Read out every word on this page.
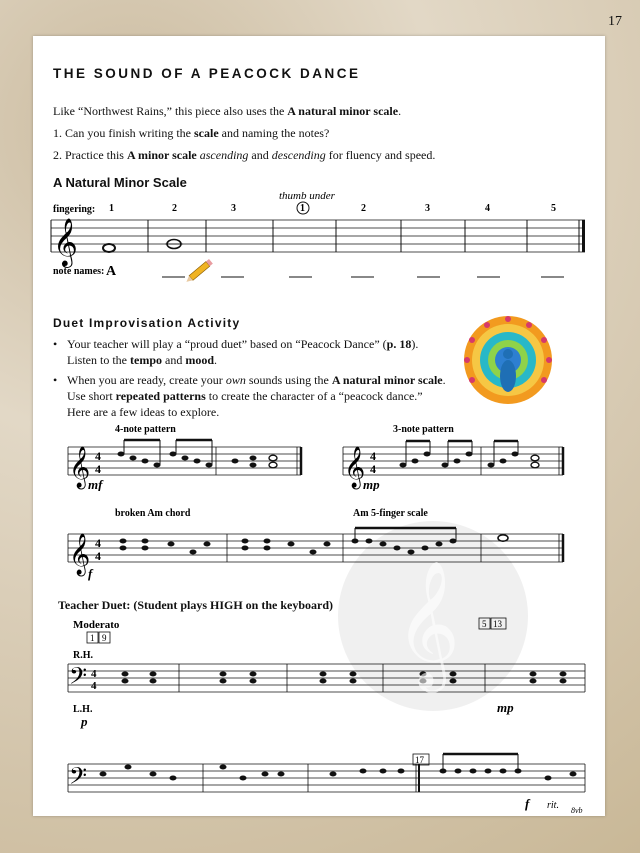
17
THE SOUND OF A PEACOCK DANCE
Like “Northwest Rains,” this piece also uses the A natural minor scale.
1. Can you finish writing the scale and naming the notes?
2. Practice this A minor scale ascending and descending for fluency and speed.
A Natural Minor Scale
thumb under
fingering: 1	2	3	1	2	3	4	5
𝄞
note names: A
Duet Improvisation Activity
• Your teacher will play a “proud duet” based on “Peacock Dance” (p. 18).
Listen to the tempo and mood.
• When you are ready, create your own sounds using the A natural minor scale.
Use short repeated patterns to create the character of a “peacock dance.”
Here are a few ideas to explore.
4-note pattern	3-note pattern
𝄞	𝄞
4
4
4
4
mf	mp
broken Am chord	Am 5-finger scale
𝄞 4
4
f
Teacher Duet: (Student plays HIGH on the keyboard)
Moderato
1 9
5 13
R.H.
𝄢 4
4
L.H.
p
mp
𝄢
17
f rit. 8vb
𝄞
